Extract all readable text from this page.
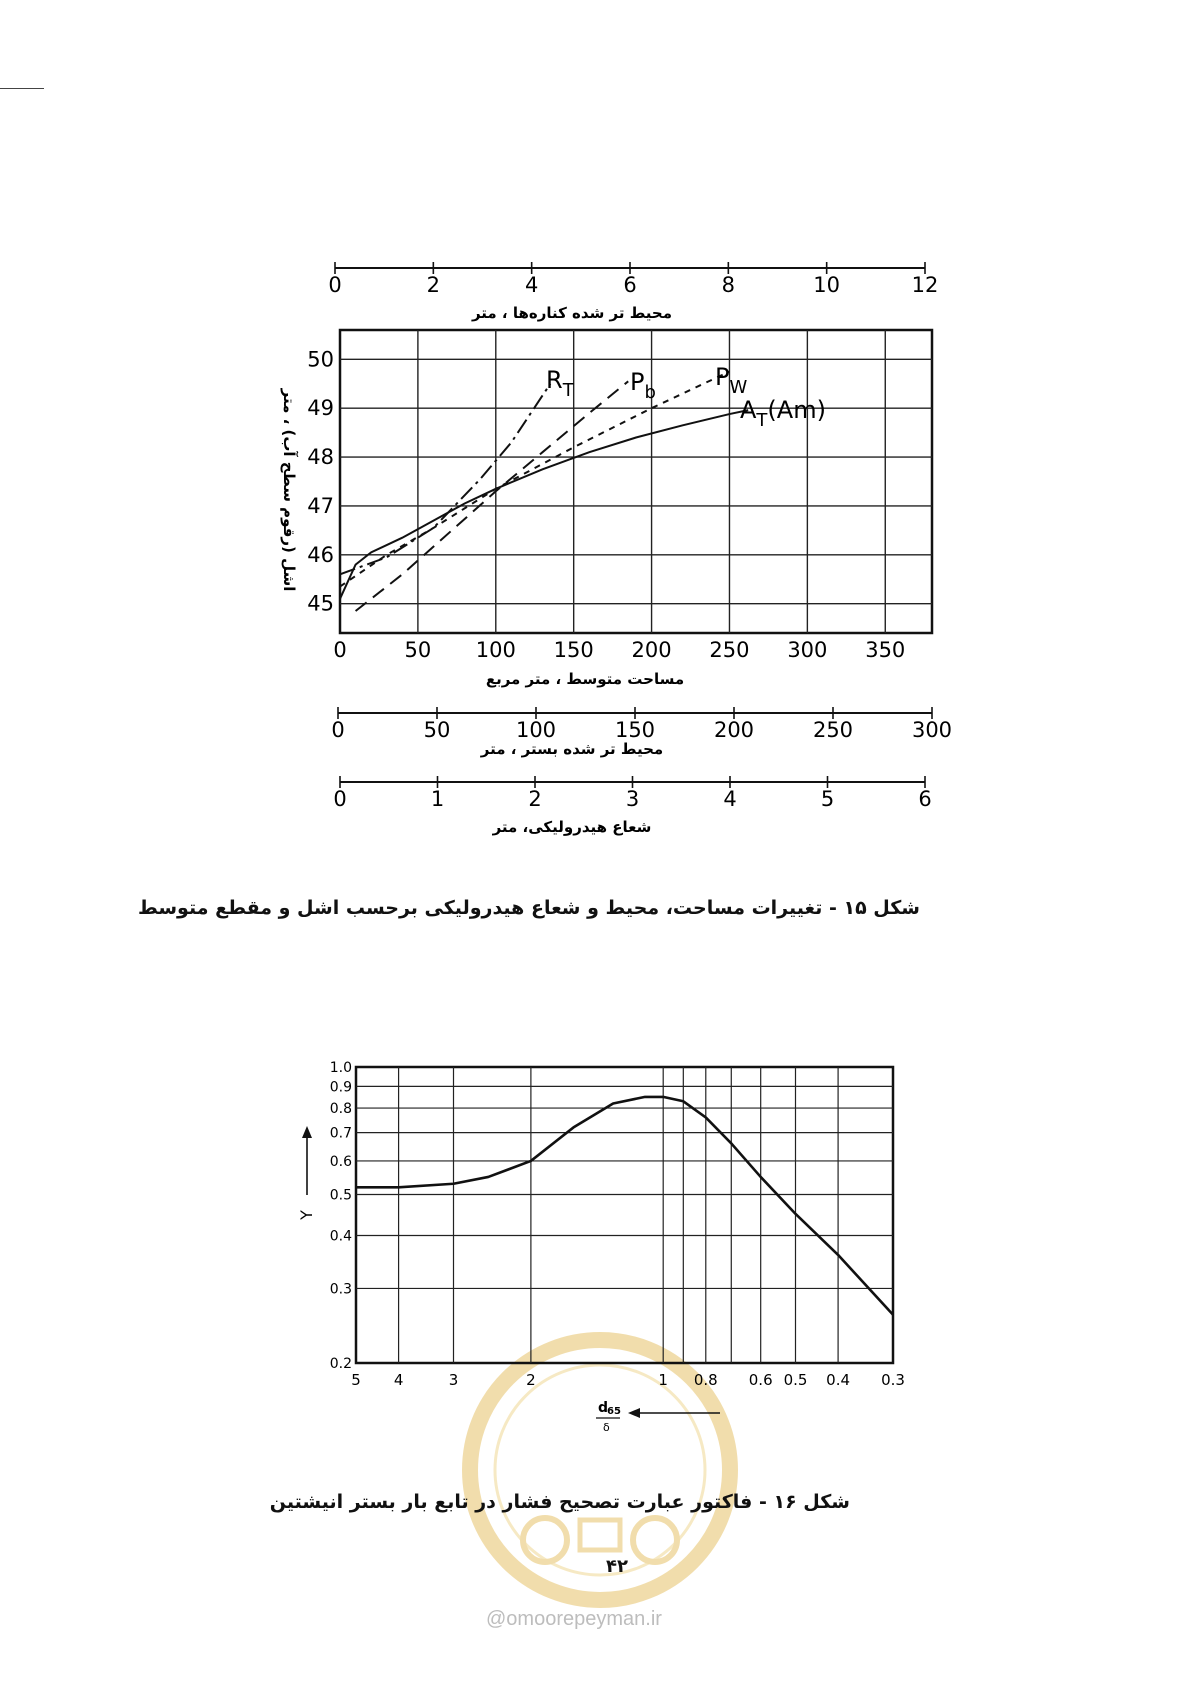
0	50 100 150 200 250 300 350
45
46
47
48
49
50
مساحت متوسط ، متر مربع
اشل (رقوم سطح آب) ، متر	$A_T(Am)$
$P_b$
$P_W$
$R_T$
0	2	4	6	8	10	12
محیط تر شده کناره‌ها ، متر
0	50	100	150	200	250	300
محیط تر شده بستر ، متر
0	1	2	3	4	5	6
شعاع هیدرولیکی، متر
5 4	3	2	1 0.8 0.6 0.5 0.4 0.3
0.2
0.3
0.4
0.5
0.6
0.7
0.8
0.9
1.0
Y
d
65
δ
شکل ۱۵ - تغییرات مساحت، محیط و شعاع هیدرولیکی برحسب اشل و مقطع متوسط
شکل ۱۶ - فاکتور عبارت تصحیح فشار در تابع بار بستر انیشتین
۴۲
@omoorepeyman.ir
